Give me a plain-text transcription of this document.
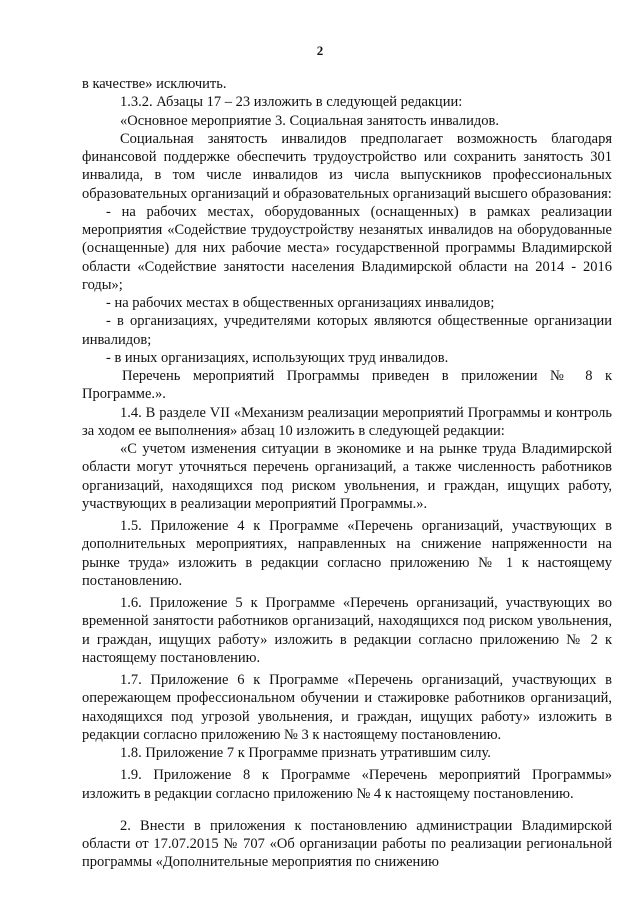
2

в качестве» исключить.

1.3.2. Абзацы 17 – 23 изложить в следующей редакции:

«Основное мероприятие 3. Социальная занятость инвалидов.

Социальная занятость инвалидов предполагает возможность благодаря финансовой поддержке обеспечить трудоустройство или сохранить занятость 301 инвалида, в том числе инвалидов из числа выпускников профессиональных образовательных организаций и образовательных организаций высшего образования:

- на рабочих местах, оборудованных (оснащенных) в рамках реализации мероприятия «Содействие трудоустройству незанятых инвалидов на оборудованные (оснащенные) для них рабочие места» государственной программы Владимирской области «Содействие занятости населения Владимирской области на 2014 - 2016 годы»;

- на рабочих местах в общественных организациях инвалидов;

- в организациях, учредителями которых являются общественные организации инвалидов;

- в иных организациях, использующих труд инвалидов.

Перечень мероприятий Программы приведен в приложении № 8 к Программе.».

1.4. В разделе VII «Механизм реализации мероприятий Программы и контроль за ходом ее выполнения» абзац 10 изложить в следующей редакции:

«С учетом изменения ситуации в экономике и на рынке труда Владимирской области могут уточняться перечень организаций, а также численность работников организаций, находящихся под риском увольнения, и граждан, ищущих работу, участвующих в реализации мероприятий Программы.».

1.5. Приложение 4 к Программе «Перечень организаций, участвующих в дополнительных мероприятиях, направленных на снижение напряженности на рынке труда» изложить в редакции согласно приложению № 1 к настоящему постановлению.

1.6. Приложение 5 к Программе «Перечень организаций, участвующих во временной занятости работников организаций, находящихся под риском увольнения, и граждан, ищущих работу» изложить в редакции согласно приложению № 2 к настоящему постановлению.

1.7. Приложение 6 к Программе «Перечень организаций, участвующих в опережающем профессиональном обучении и стажировке работников организаций, находящихся под угрозой увольнения, и граждан, ищущих работу» изложить в редакции согласно приложению № 3 к настоящему постановлению.

1.8. Приложение 7 к Программе признать утратившим силу.

1.9. Приложение 8 к Программе «Перечень мероприятий Программы» изложить в редакции согласно приложению № 4 к настоящему постановлению.

2. Внести в приложения к постановлению администрации Владимирской области от 17.07.2015 № 707 «Об организации работы по реализации региональной программы «Дополнительные мероприятия по снижению
